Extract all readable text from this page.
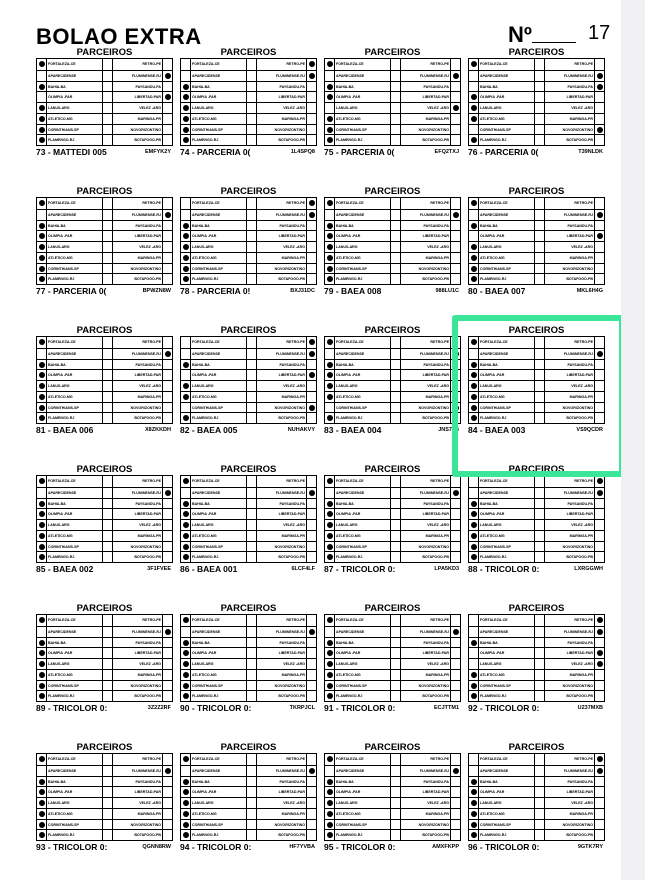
BOLAO EXTRA	Nº	17
PARCEIROS
FORTALEZA-CE	RETRO-PE
APARECIDENSE	FLUMINENSE-RJ
BAHIA-BA	PAYSANDU-PA
OLIMPIA -PAR	LIBERTAD-PAR
LANUS-ARG	VELEZ -ARG
ATLETICO-MG	MARINGA-PR
CORINTHIANS-SP	NOVORIZONTINO
FLAMENGO-RJ	BOTAFOGO-PB
73 - MATTEDI 005	EMFYK2Y
PARCEIROS
FORTALEZA-CE	RETRO-PE
APARECIDENSE	FLUMINENSE-RJ
BAHIA-BA	PAYSANDU-PA
OLIMPIA -PAR	LIBERTAD-PAR
LANUS-ARG	VELEZ -ARG
ATLETICO-MG	MARINGA-PR
CORINTHIANS-SP	NOVORIZONTINO
FLAMENGO-RJ	BOTAFOGO-PB
74 - PARCERIA 0(	1L4SPQ8
PARCEIROS
FORTALEZA-CE	RETRO-PE
APARECIDENSE	FLUMINENSE-RJ
BAHIA-BA	PAYSANDU-PA
OLIMPIA -PAR	LIBERTAD-PAR
LANUS-ARG	VELEZ -ARG
ATLETICO-MG	MARINGA-PR
CORINTHIANS-SP	NOVORIZONTINO
FLAMENGO-RJ	BOTAFOGO-PB
75 - PARCERIA 0(	EFQ2TXJ
PARCEIROS
FORTALEZA-CE	RETRO-PE
APARECIDENSE	FLUMINENSE-RJ
BAHIA-BA	PAYSANDU-PA
OLIMPIA -PAR	LIBERTAD-PAR
LANUS-ARG	VELEZ -ARG
ATLETICO-MG	MARINGA-PR
CORINTHIANS-SP	NOVORIZONTINO
FLAMENGO-RJ	BOTAFOGO-PB
76 - PARCERIA 0(	T39NLDK
PARCEIROS
FORTALEZA-CE	RETRO-PE
APARECIDENSE	FLUMINENSE-RJ
BAHIA-BA	PAYSANDU-PA
OLIMPIA -PAR	LIBERTAD-PAR
LANUS-ARG	VELEZ -ARG
ATLETICO-MG	MARINGA-PR
CORINTHIANS-SP	NOVORIZONTINO
FLAMENGO-RJ	BOTAFOGO-PB
77 - PARCERIA 0(	BPWZN8W
PARCEIROS
FORTALEZA-CE	RETRO-PE
APARECIDENSE	FLUMINENSE-RJ
BAHIA-BA	PAYSANDU-PA
OLIMPIA -PAR	LIBERTAD-PAR
LANUS-ARG	VELEZ -ARG
ATLETICO-MG	MARINGA-PR
CORINTHIANS-SP	NOVORIZONTINO
FLAMENGO-RJ	BOTAFOGO-PB
78 - PARCERIA 0!	BXJ31DC
PARCEIROS
FORTALEZA-CE	RETRO-PE
APARECIDENSE	FLUMINENSE-RJ
BAHIA-BA	PAYSANDU-PA
OLIMPIA -PAR	LIBERTAD-PAR
LANUS-ARG	VELEZ -ARG
ATLETICO-MG	MARINGA-PR
CORINTHIANS-SP	NOVORIZONTINO
FLAMENGO-RJ	BOTAFOGO-PB
79 - BAEA 008	988LU1C
PARCEIROS
FORTALEZA-CE	RETRO-PE
APARECIDENSE	FLUMINENSE-RJ
BAHIA-BA	PAYSANDU-PA
OLIMPIA -PAR	LIBERTAD-PAR
LANUS-ARG	VELEZ -ARG
ATLETICO-MG	MARINGA-PR
CORINTHIANS-SP	NOVORIZONTINO
FLAMENGO-RJ	BOTAFOGO-PB
80 - BAEA 007	MKL6H4G
PARCEIROS
FORTALEZA-CE	RETRO-PE
APARECIDENSE	FLUMINENSE-RJ
BAHIA-BA	PAYSANDU-PA
OLIMPIA -PAR	LIBERTAD-PAR
LANUS-ARG	VELEZ -ARG
ATLETICO-MG	MARINGA-PR
CORINTHIANS-SP	NOVORIZONTINO
FLAMENGO-RJ	BOTAFOGO-PB
81 - BAEA 006	X8ZKKDH
PARCEIROS
FORTALEZA-CE	RETRO-PE
APARECIDENSE	FLUMINENSE-RJ
BAHIA-BA	PAYSANDU-PA
OLIMPIA -PAR	LIBERTAD-PAR
LANUS-ARG	VELEZ -ARG
ATLETICO-MG	MARINGA-PR
CORINTHIANS-SP	NOVORIZONTINO
FLAMENGO-RJ	BOTAFOGO-PB
82 - BAEA 005	NUHAKVY
PARCEIROS
FORTALEZA-CE	RETRO-PE
APARECIDENSE	FLUMINENSE-RJ
BAHIA-BA	PAYSANDU-PA
OLIMPIA -PAR	LIBERTAD-PAR
LANUS-ARG	VELEZ -ARG
ATLETICO-MG	MARINGA-PR
CORINTHIANS-SP	NOVORIZONTINO
FLAMENGO-RJ	BOTAFOGO-PB
83 - BAEA 004	JNS72B
PARCEIROS
FORTALEZA-CE	RETRO-PE
APARECIDENSE	FLUMINENSE-RJ
BAHIA-BA	PAYSANDU-PA
OLIMPIA -PAR	LIBERTAD-PAR
LANUS-ARG	VELEZ -ARG
ATLETICO-MG	MARINGA-PR
CORINTHIANS-SP	NOVORIZONTINO
FLAMENGO-RJ	BOTAFOGO-PB
84 - BAEA 003	VS9QCDR
PARCEIROS
FORTALEZA-CE	RETRO-PE
APARECIDENSE	FLUMINENSE-RJ
BAHIA-BA	PAYSANDU-PA
OLIMPIA -PAR	LIBERTAD-PAR
LANUS-ARG	VELEZ -ARG
ATLETICO-MG	MARINGA-PR
CORINTHIANS-SP	NOVORIZONTINO
FLAMENGO-RJ	BOTAFOGO-PB
85 - BAEA 002	3F1FVEE
PARCEIROS
FORTALEZA-CE	RETRO-PE
APARECIDENSE	FLUMINENSE-RJ
BAHIA-BA	PAYSANDU-PA
OLIMPIA -PAR	LIBERTAD-PAR
LANUS-ARG	VELEZ -ARG
ATLETICO-MG	MARINGA-PR
CORINTHIANS-SP	NOVORIZONTINO
FLAMENGO-RJ	BOTAFOGO-PB
86 - BAEA 001	6LCF4LF
PARCEIROS
FORTALEZA-CE	RETRO-PE
APARECIDENSE	FLUMINENSE-RJ
BAHIA-BA	PAYSANDU-PA
OLIMPIA -PAR	LIBERTAD-PAR
LANUS-ARG	VELEZ -ARG
ATLETICO-MG	MARINGA-PR
CORINTHIANS-SP	NOVORIZONTINO
FLAMENGO-RJ	BOTAFOGO-PB
87 - TRICOLOR 0:	LPA5KD3
PARCEIROS
FORTALEZA-CE	RETRO-PE
APARECIDENSE	FLUMINENSE-RJ
BAHIA-BA	PAYSANDU-PA
OLIMPIA -PAR	LIBERTAD-PAR
LANUS-ARG	VELEZ -ARG
ATLETICO-MG	MARINGA-PR
CORINTHIANS-SP	NOVORIZONTINO
FLAMENGO-RJ	BOTAFOGO-PB
88 - TRICOLOR 0:	LXRGGWH
PARCEIROS
FORTALEZA-CE	RETRO-PE
APARECIDENSE	FLUMINENSE-RJ
BAHIA-BA	PAYSANDU-PA
OLIMPIA -PAR	LIBERTAD-PAR
LANUS-ARG	VELEZ -ARG
ATLETICO-MG	MARINGA-PR
CORINTHIANS-SP	NOVORIZONTINO
FLAMENGO-RJ	BOTAFOGO-PB
89 - TRICOLOR 0:	3Z2Z2RF
PARCEIROS
FORTALEZA-CE	RETRO-PE
APARECIDENSE	FLUMINENSE-RJ
BAHIA-BA	PAYSANDU-PA
OLIMPIA -PAR	LIBERTAD-PAR
LANUS-ARG	VELEZ -ARG
ATLETICO-MG	MARINGA-PR
CORINTHIANS-SP	NOVORIZONTINO
FLAMENGO-RJ	BOTAFOGO-PB
90 - TRICOLOR 0:	TKRPJCL
PARCEIROS
FORTALEZA-CE	RETRO-PE
APARECIDENSE	FLUMINENSE-RJ
BAHIA-BA	PAYSANDU-PA
OLIMPIA -PAR	LIBERTAD-PAR
LANUS-ARG	VELEZ -ARG
ATLETICO-MG	MARINGA-PR
CORINTHIANS-SP	NOVORIZONTINO
FLAMENGO-RJ	BOTAFOGO-PB
91 - TRICOLOR 0:	ECJTTM1
PARCEIROS
FORTALEZA-CE	RETRO-PE
APARECIDENSE	FLUMINENSE-RJ
BAHIA-BA	PAYSANDU-PA
OLIMPIA -PAR	LIBERTAD-PAR
LANUS-ARG	VELEZ -ARG
ATLETICO-MG	MARINGA-PR
CORINTHIANS-SP	NOVORIZONTINO
FLAMENGO-RJ	BOTAFOGO-PB
92 - TRICOLOR 0:	U237MXB
PARCEIROS
FORTALEZA-CE	RETRO-PE
APARECIDENSE	FLUMINENSE-RJ
BAHIA-BA	PAYSANDU-PA
OLIMPIA -PAR	LIBERTAD-PAR
LANUS-ARG	VELEZ -ARG
ATLETICO-MG	MARINGA-PR
CORINTHIANS-SP	NOVORIZONTINO
FLAMENGO-RJ	BOTAFOGO-PB
93 - TRICOLOR 0:	QGNN8RW
PARCEIROS
FORTALEZA-CE	RETRO-PE
APARECIDENSE	FLUMINENSE-RJ
BAHIA-BA	PAYSANDU-PA
OLIMPIA -PAR	LIBERTAD-PAR
LANUS-ARG	VELEZ -ARG
ATLETICO-MG	MARINGA-PR
CORINTHIANS-SP	NOVORIZONTINO
FLAMENGO-RJ	BOTAFOGO-PB
94 - TRICOLOR 0:	HF7YVBA
PARCEIROS
FORTALEZA-CE	RETRO-PE
APARECIDENSE	FLUMINENSE-RJ
BAHIA-BA	PAYSANDU-PA
OLIMPIA -PAR	LIBERTAD-PAR
LANUS-ARG	VELEZ -ARG
ATLETICO-MG	MARINGA-PR
CORINTHIANS-SP	NOVORIZONTINO
FLAMENGO-RJ	BOTAFOGO-PB
95 - TRICOLOR 0:	AMXFKPP
PARCEIROS
FORTALEZA-CE	RETRO-PE
APARECIDENSE	FLUMINENSE-RJ
BAHIA-BA	PAYSANDU-PA
OLIMPIA -PAR	LIBERTAD-PAR
LANUS-ARG	VELEZ -ARG
ATLETICO-MG	MARINGA-PR
CORINTHIANS-SP	NOVORIZONTINO
FLAMENGO-RJ	BOTAFOGO-PB
96 - TRICOLOR 0:	9GTK7RY
